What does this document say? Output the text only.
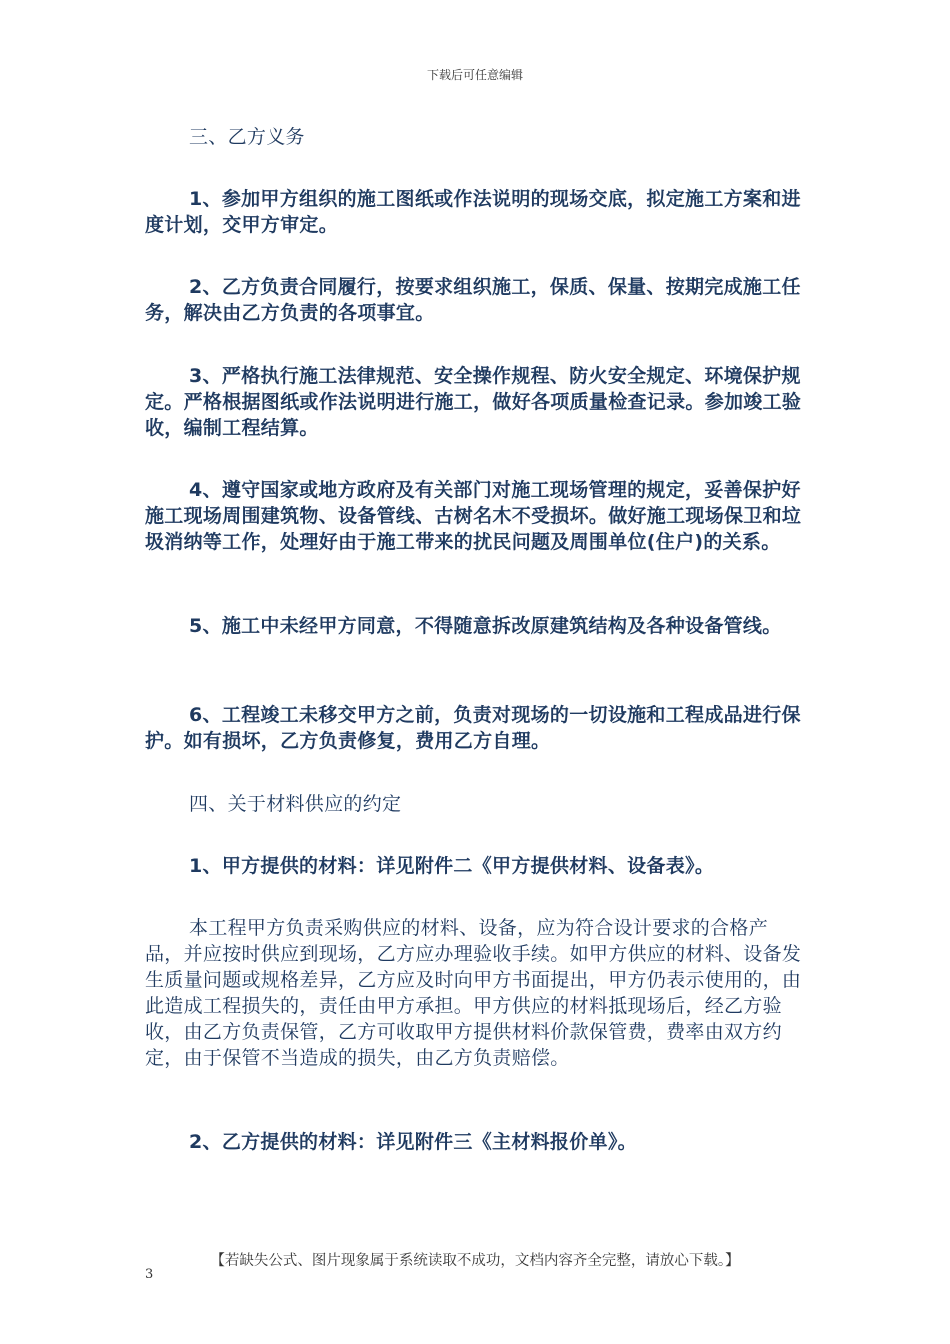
下载后可任意编辑

三、乙方义务

1、参加甲方组织的施工图纸或作法说明的现场交底，拟定施工方案和进度计划，交甲方审定。

2、乙方负责合同履行，按要求组织施工，保质、保量、按期完成施工任务，解决由乙方负责的各项事宜。

3、严格执行施工法律规范、安全操作规程、防火安全规定、环境保护规定。严格根据图纸或作法说明进行施工，做好各项质量检查记录。参加竣工验收，编制工程结算。

4、遵守国家或地方政府及有关部门对施工现场管理的规定，妥善保护好施工现场周围建筑物、设备管线、古树名木不受损坏。做好施工现场保卫和垃圾消纳等工作，处理好由于施工带来的扰民问题及周围单位(住户)的关系。

5、施工中未经甲方同意，不得随意拆改原建筑结构及各种设备管线。

6、工程竣工未移交甲方之前，负责对现场的一切设施和工程成品进行保护。如有损坏，乙方负责修复，费用乙方自理。

四、关于材料供应的约定

1、甲方提供的材料：详见附件二《甲方提供材料、设备表》。

本工程甲方负责采购供应的材料、设备，应为符合设计要求的合格产品，并应按时供应到现场，乙方应办理验收手续。如甲方供应的材料、设备发生质量问题或规格差异，乙方应及时向甲方书面提出，甲方仍表示使用的，由此造成工程损失的，责任由甲方承担。甲方供应的材料抵现场后，经乙方验收，由乙方负责保管，乙方可收取甲方提供材料价款保管费，费率由双方约定，由于保管不当造成的损失，由乙方负责赔偿。

2、乙方提供的材料：详见附件三《主材料报价单》。

【若缺失公式、图片现象属于系统读取不成功，文档内容齐全完整，请放心下载。】
3
